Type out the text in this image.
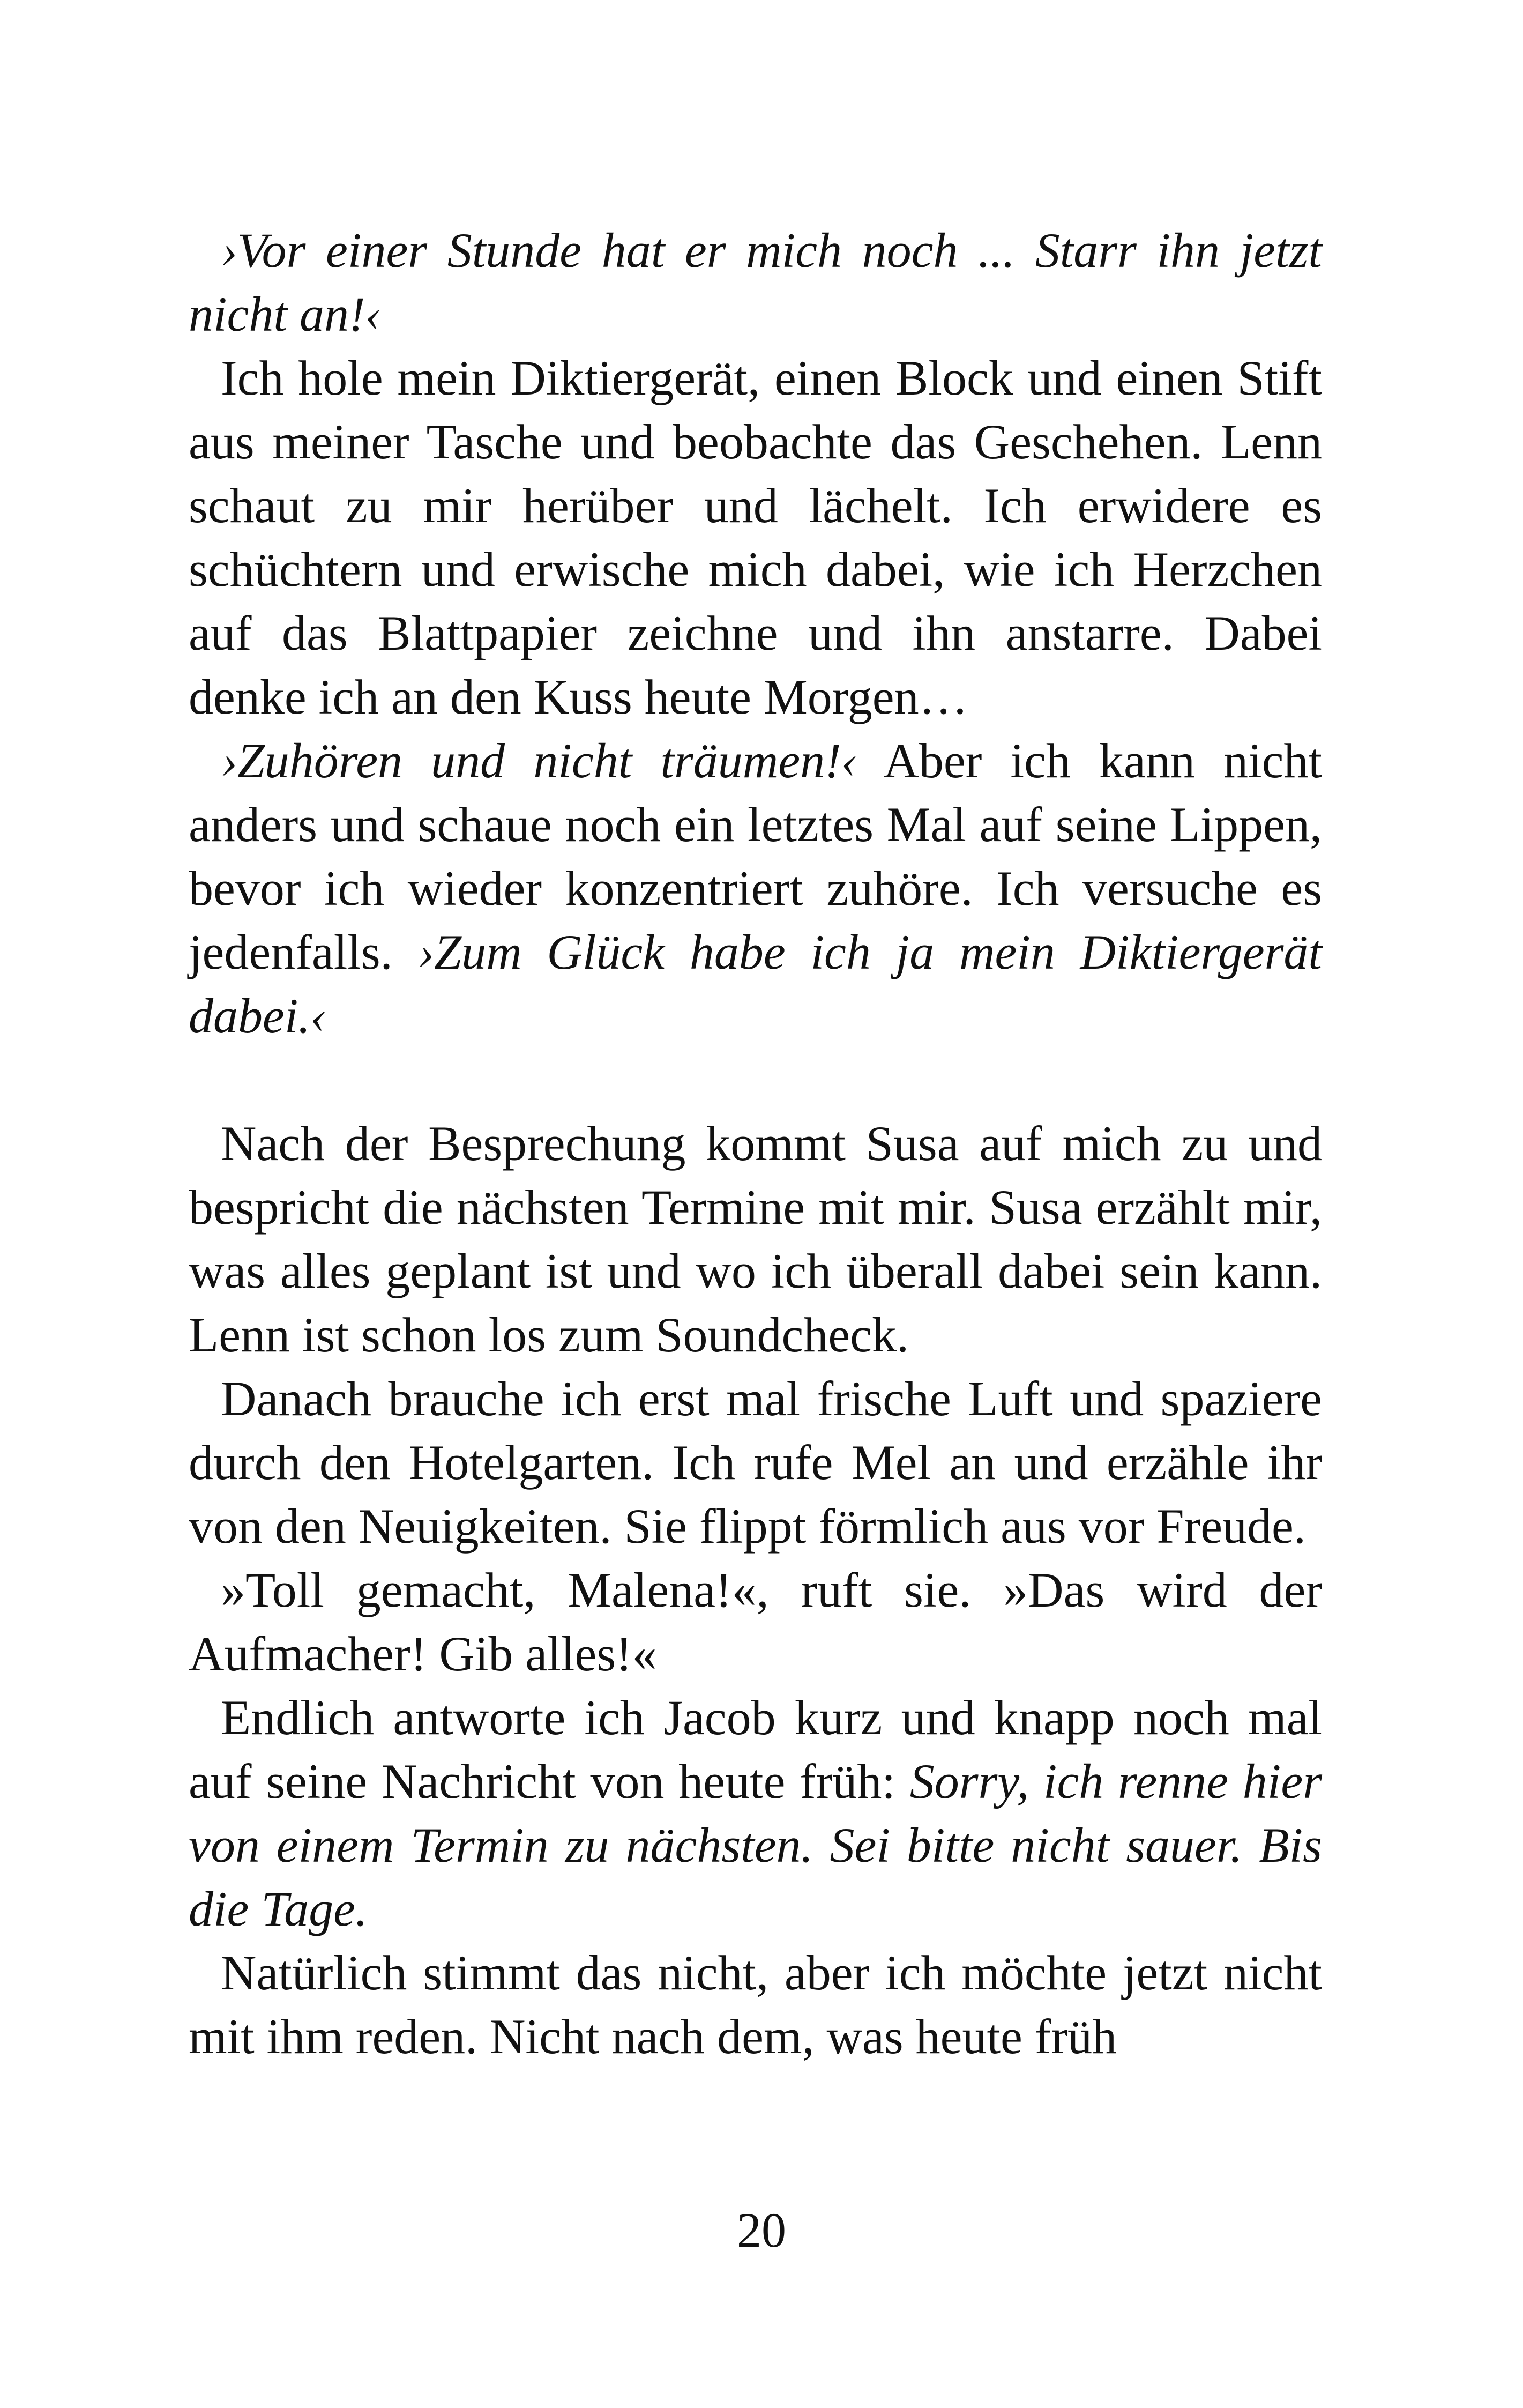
›Vor einer Stunde hat er mich noch ... Starr ihn jetzt nicht an!‹

Ich hole mein Diktiergerät, einen Block und einen Stift aus meiner Tasche und beobachte das Geschehen. Lenn schaut zu mir herüber und lächelt. Ich erwidere es schüchtern und erwische mich dabei, wie ich Herzchen auf das Blattpapier zeichne und ihn anstarre. Dabei denke ich an den Kuss heute Morgen…

›Zuhören und nicht träumen!‹ Aber ich kann nicht anders und schaue noch ein letztes Mal auf seine Lippen, bevor ich wieder konzentriert zuhöre. Ich versuche es jedenfalls. ›Zum Glück habe ich ja mein Diktiergerät dabei.‹

Nach der Besprechung kommt Susa auf mich zu und bespricht die nächsten Termine mit mir. Susa erzählt mir, was alles geplant ist und wo ich überall dabei sein kann. Lenn ist schon los zum Soundcheck.

Danach brauche ich erst mal frische Luft und spaziere durch den Hotelgarten. Ich rufe Mel an und erzähle ihr von den Neuigkeiten. Sie flippt förmlich aus vor Freude.

»Toll gemacht, Malena!«, ruft sie. »Das wird der Aufmacher! Gib alles!«

Endlich antworte ich Jacob kurz und knapp noch mal auf seine Nachricht von heute früh: Sorry, ich renne hier von einem Termin zu nächsten. Sei bitte nicht sauer. Bis die Tage.

Natürlich stimmt das nicht, aber ich möchte jetzt nicht mit ihm reden. Nicht nach dem, was heute früh

20
